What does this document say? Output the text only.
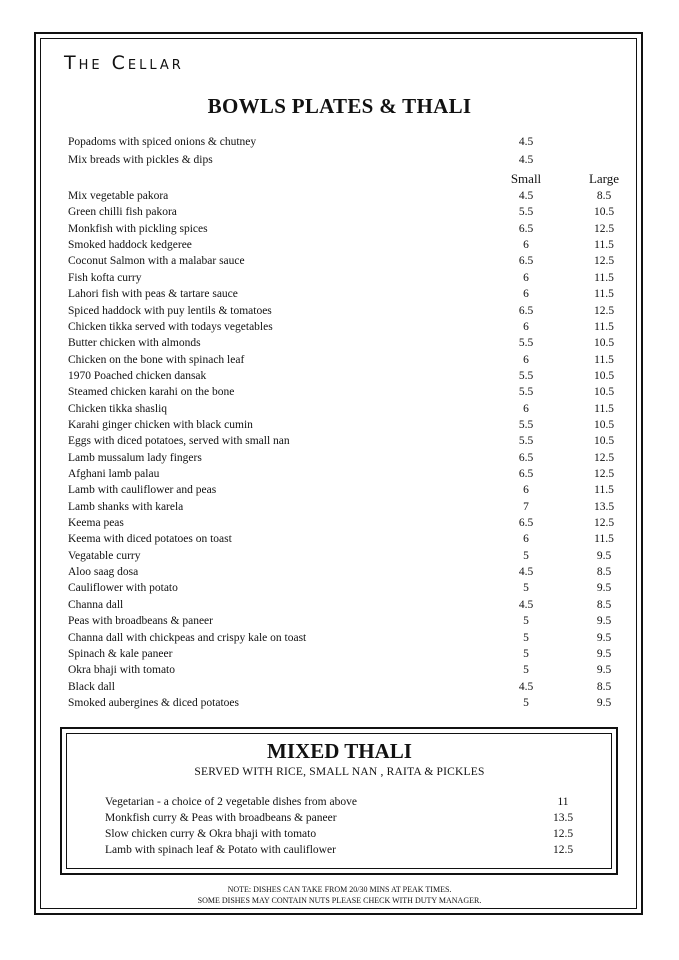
The Cellar
BOWLS PLATES & THALI
Popadoms with spiced onions & chutney	4.5
Mix breads with pickles & dips	4.5
Small	Large
Mix vegetable pakora	4.5	8.5
Green chilli fish pakora	5.5	10.5
Monkfish with pickling spices	6.5	12.5
Smoked haddock kedgeree	6	11.5
Coconut Salmon with a malabar sauce	6.5	12.5
Fish kofta curry	6	11.5
Lahori fish with peas & tartare sauce	6	11.5
Spiced haddock with puy lentils & tomatoes	6.5	12.5
Chicken tikka served with todays vegetables	6	11.5
Butter chicken with almonds	5.5	10.5
Chicken on the bone with spinach leaf	6	11.5
1970 Poached chicken dansak	5.5	10.5
Steamed chicken karahi on the bone	5.5	10.5
Chicken tikka shasliq	6	11.5
Karahi ginger chicken with black cumin	5.5	10.5
Eggs with diced potatoes, served with small nan	5.5	10.5
Lamb mussalum lady fingers	6.5	12.5
Afghani lamb palau	6.5	12.5
Lamb with cauliflower and peas	6	11.5
Lamb shanks with karela	7	13.5
Keema peas	6.5	12.5
Keema with diced potatoes on toast	6	11.5
Vegatable curry	5	9.5
Aloo saag dosa	4.5	8.5
Cauliflower with potato	5	9.5
Channa dall	4.5	8.5
Peas with broadbeans & paneer	5	9.5
Channa dall with chickpeas and crispy kale on toast	5	9.5
Spinach & kale paneer	5	9.5
Okra bhaji with tomato	5	9.5
Black dall	4.5	8.5
Smoked aubergines & diced potatoes	5	9.5
MIXED THALI
SERVED WITH RICE, SMALL NAN , RAITA & PICKLES
Vegetarian - a choice of 2 vegetable dishes from above	11
Monkfish curry & Peas with broadbeans & paneer	13.5
Slow chicken curry & Okra bhaji with tomato	12.5
Lamb with spinach leaf & Potato with cauliflower	12.5
NOTE: DISHES CAN TAKE FROM 20/30 MINS AT PEAK TIMES.
SOME DISHES MAY CONTAIN NUTS PLEASE CHECK WITH DUTY MANAGER.
